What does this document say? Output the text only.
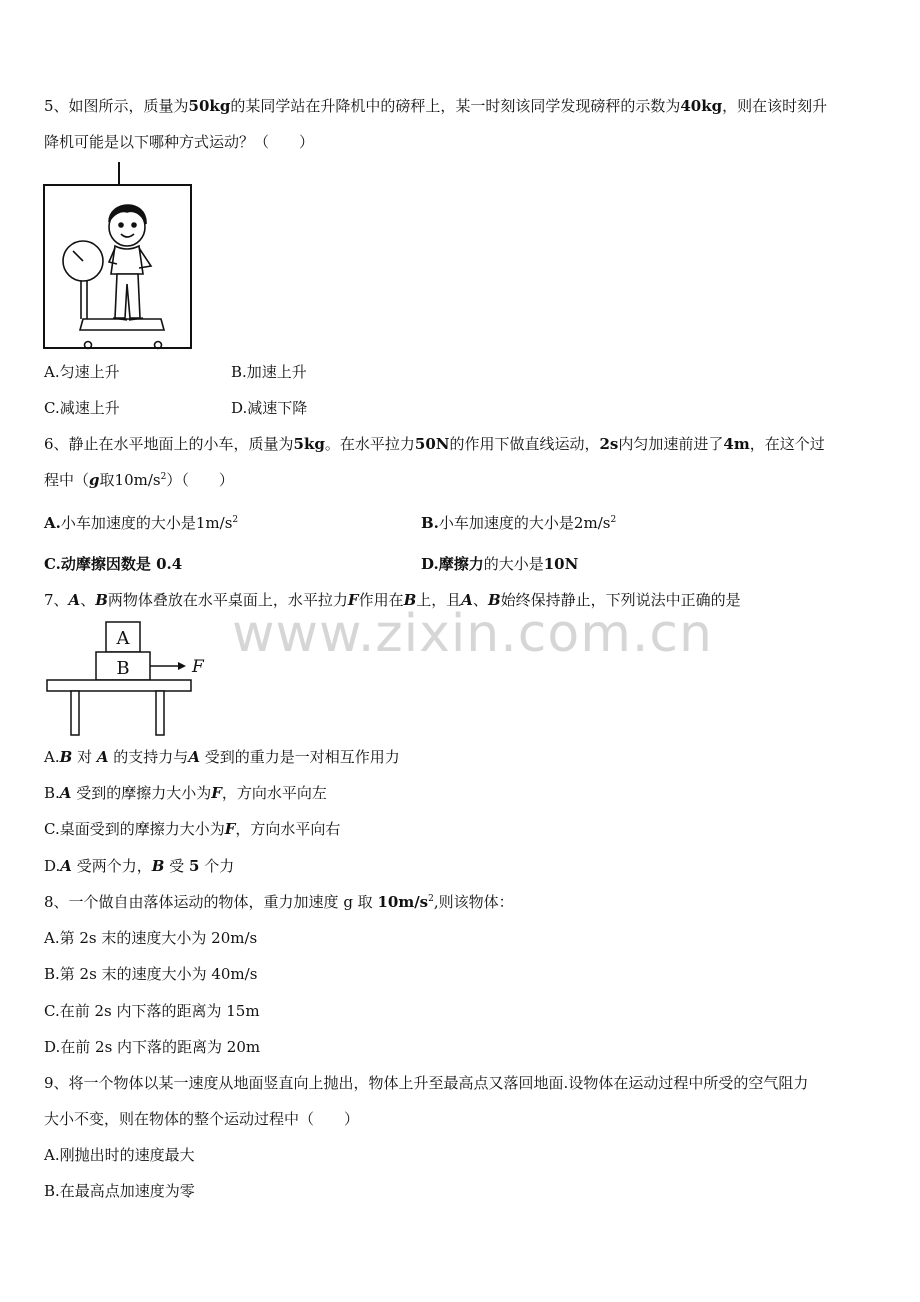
www.zixin.com.cn
5、如图所示，质量为50kg的某同学站在升降机中的磅秤上，某一时刻该同学发现磅秤的示数为40kg，则在该时刻升
降机可能是以下哪种方式运动？（　　）
A.匀速上升	B.加速上升
C.减速上升	D.减速下降
6、静止在水平地面上的小车，质量为5kg。在水平拉力50N的作用下做直线运动，2s内匀加速前进了4m，在这个过
程中（g取$10m/s^2$）（　　）
A.小车加速度的大小是$1m/s^2$	B.小车加速度的大小是$2m/s^2$
C.动摩擦因数是 0.4	D.摩擦力的大小是10N
7、A、B两物体叠放在水平桌面上，水平拉力F作用在B上，且A、B始终保持静止，下列说法中正确的是
A
B	F
A.B 对 A 的支持力与A 受到的重力是一对相互作用力
B.A 受到的摩擦力大小为F，方向水平向左
C.桌面受到的摩擦力大小为F，方向水平向右
D.A 受两个力，B 受 5 个力
8、一个做自由落体运动的物体，重力加速度 g 取 $10m/s^2$,则该物体：
A.第 2s 末的速度大小为 20m/s
B.第 2s 末的速度大小为 40m/s
C.在前 2s 内下落的距离为 15m
D.在前 2s 内下落的距离为 20m
9、将一个物体以某一速度从地面竖直向上抛出，物体上升至最高点又落回地面.设物体在运动过程中所受的空气阻力
大小不变，则在物体的整个运动过程中（　　）
A.刚抛出时的速度最大
B.在最高点加速度为零
